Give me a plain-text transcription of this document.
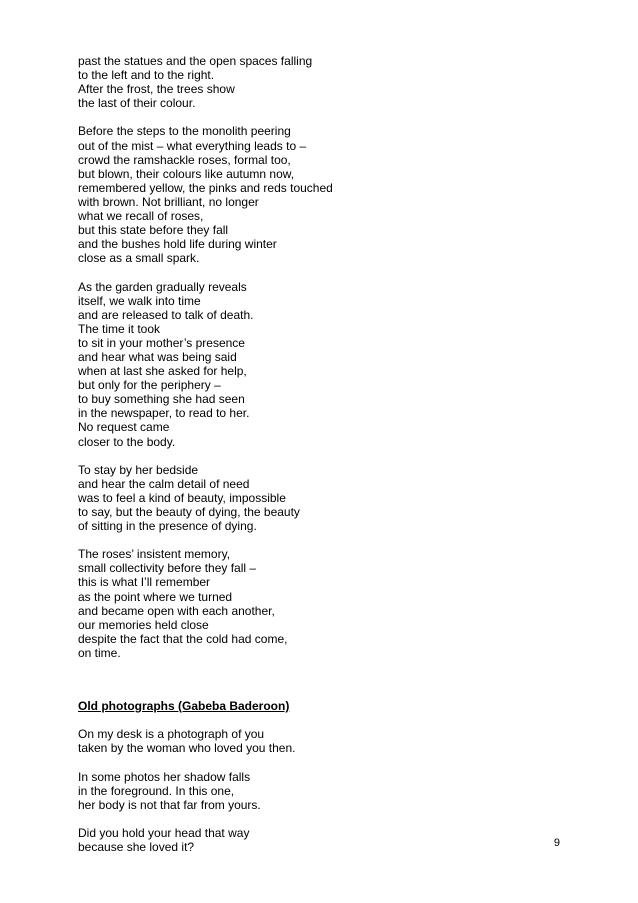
past the statues and the open spaces falling
to the left and to the right.
After the frost, the trees show
the last of their colour.
Before the steps to the monolith peering
out of the mist – what everything leads to –
crowd the ramshackle roses, formal too,
but blown, their colours like autumn now,
remembered yellow, the pinks and reds touched
with brown. Not brilliant, no longer
what we recall of roses,
but this state before they fall
and the bushes hold life during winter
close as a small spark.
As the garden gradually reveals
itself, we walk into time
and are released to talk of death.
The time it took
to sit in your mother’s presence
and hear what was being said
when at last she asked for help,
but only for the periphery –
to buy something she had seen
in the newspaper, to read to her.
No request came
closer to the body.
To stay by her bedside
and hear the calm detail of need
was to feel a kind of beauty, impossible
to say, but the beauty of dying, the beauty
of sitting in the presence of dying.
The roses’ insistent memory,
small collectivity before they fall –
this is what I’ll remember
as the point where we turned
and became open with each another,
our memories held close
despite the fact that the cold had come,
on time.
Old photographs (Gabeba Baderoon)
On my desk is a photograph of you
taken by the woman who loved you then.
In some photos her shadow falls
in the foreground. In this one,
her body is not that far from yours.
Did you hold your head that way
because she loved it?	9
